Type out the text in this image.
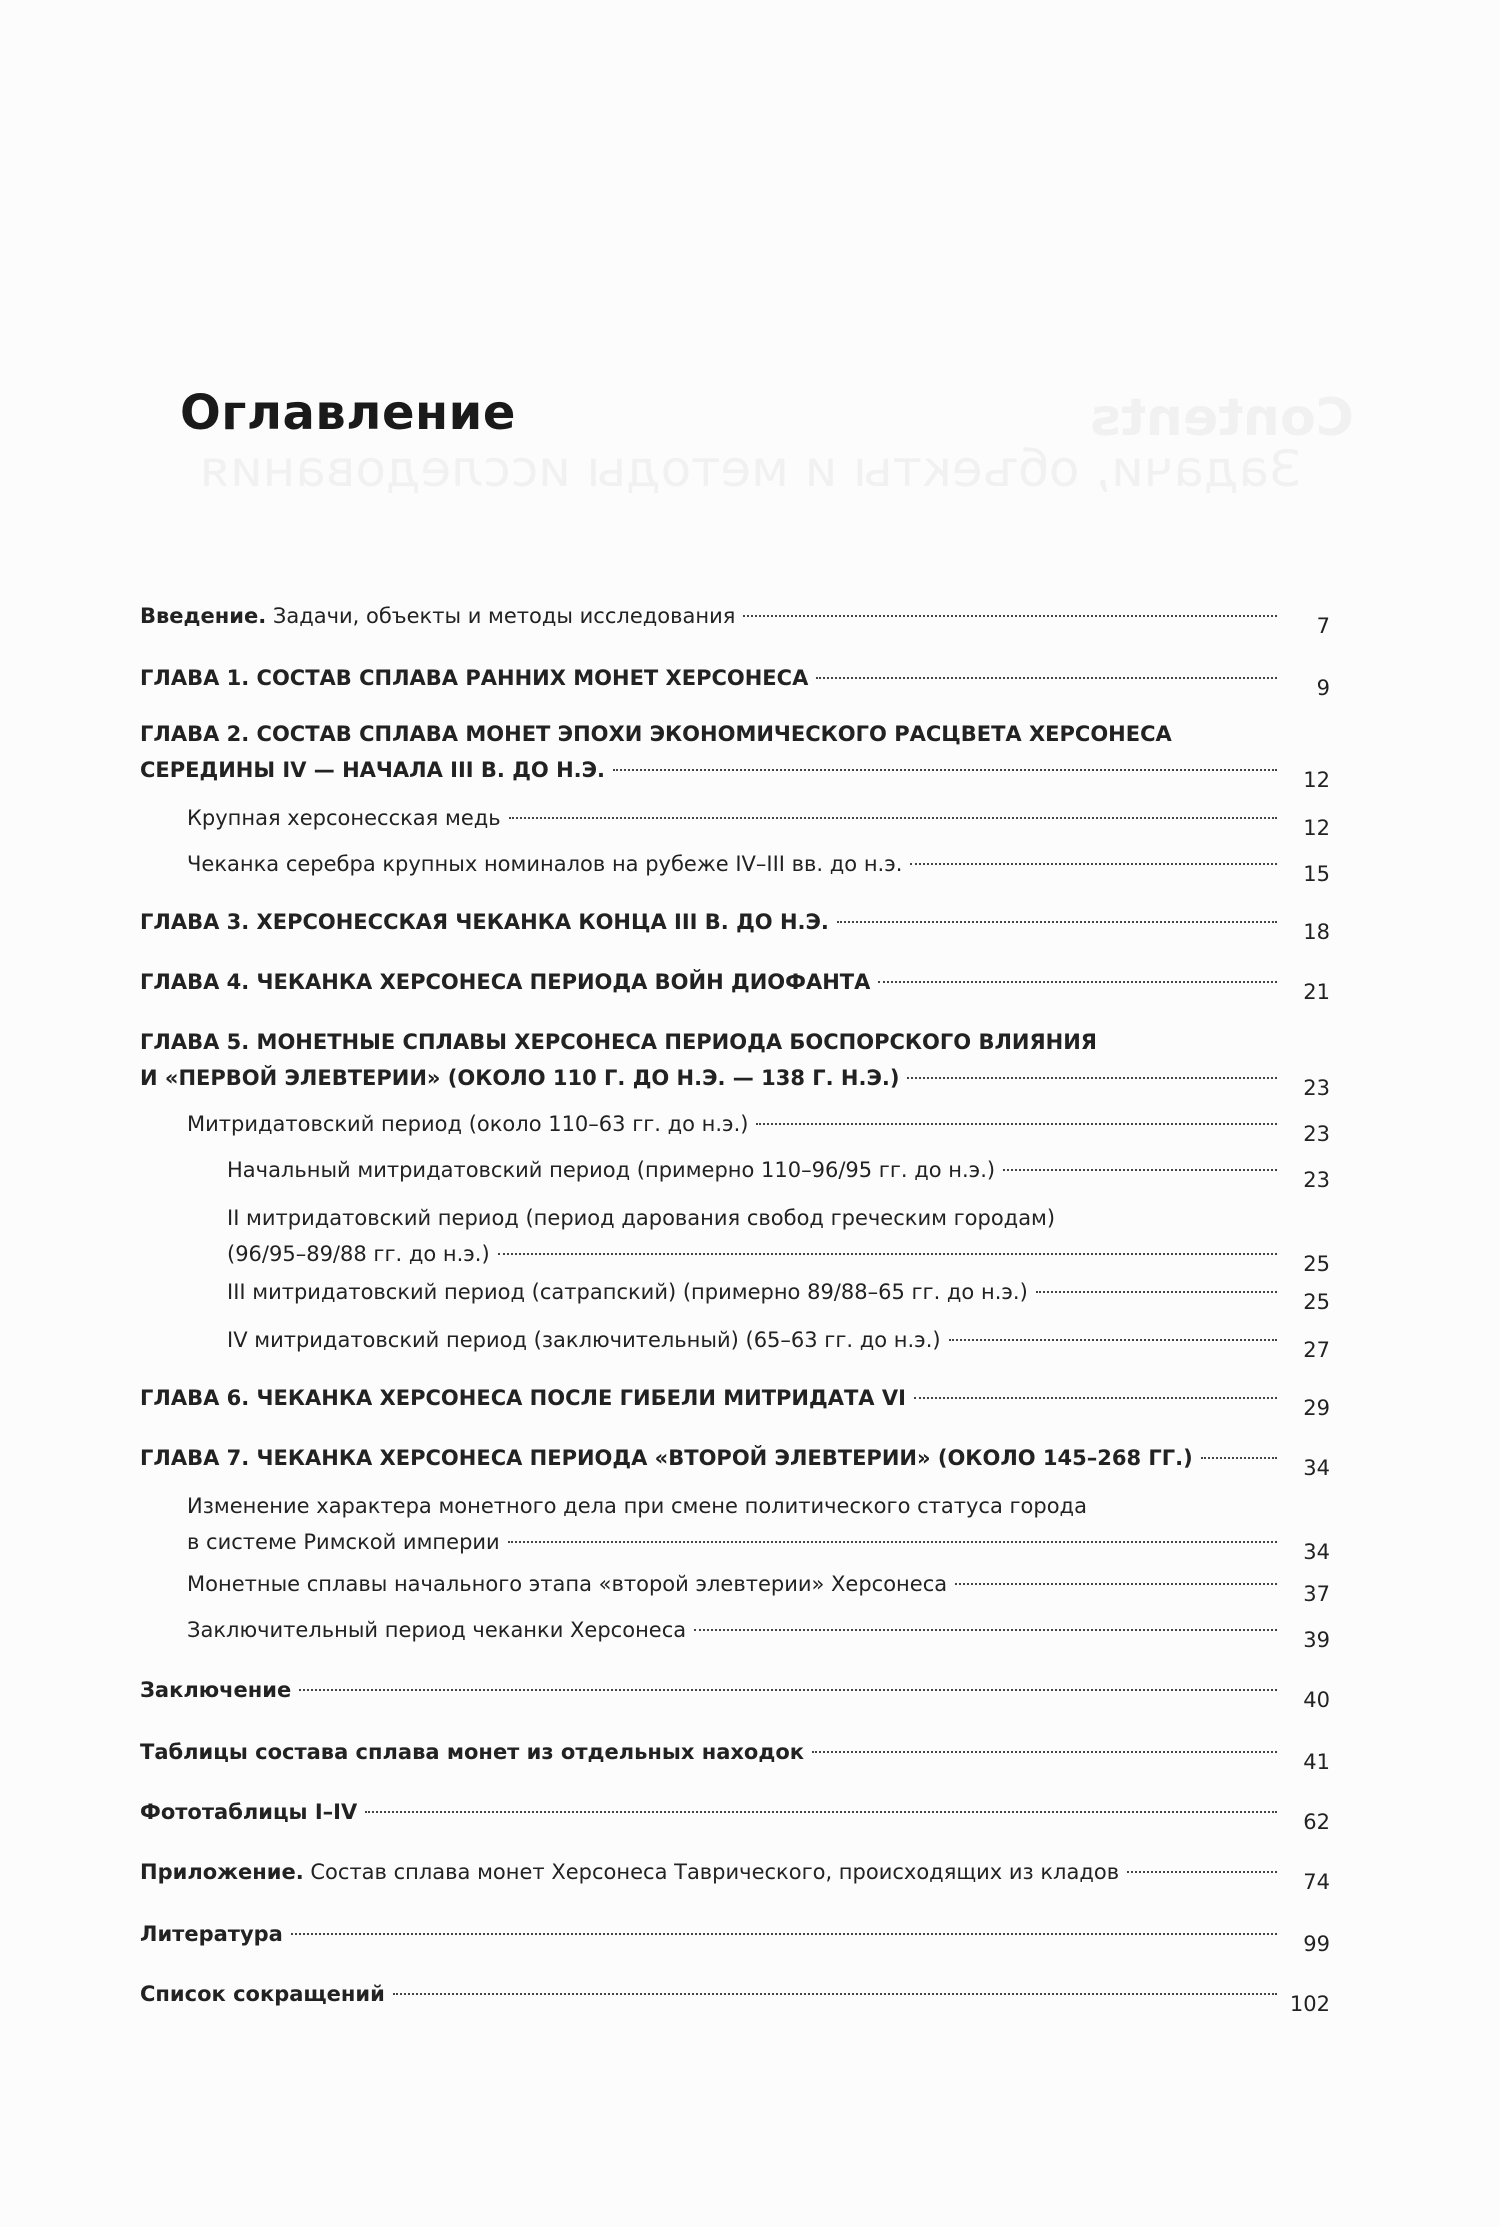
Contents
Задачи, объекты и методы исследования
Оглавление
Введение. Задачи, объекты и методы исследования	7
ГЛАВА 1. СОСТАВ СПЛАВА РАННИХ МОНЕТ ХЕРСОНЕСА	9
ГЛАВА 2. СОСТАВ СПЛАВА МОНЕТ ЭПОХИ ЭКОНОМИЧЕСКОГО РАСЦВЕТА ХЕРСОНЕСА
СЕРЕДИНЫ IV — НАЧАЛА III В. ДО Н.Э.	12
Крупная херсонесская медь	12
Чеканка серебра крупных номиналов на рубеже IV–III вв. до н.э.	15
ГЛАВА 3. ХЕРСОНЕССКАЯ ЧЕКАНКА КОНЦА III В. ДО Н.Э.	18
ГЛАВА 4. ЧЕКАНКА ХЕРСОНЕСА ПЕРИОДА ВОЙН ДИОФАНТА	21
ГЛАВА 5. МОНЕТНЫЕ СПЛАВЫ ХЕРСОНЕСА ПЕРИОДА БОСПОРСКОГО ВЛИЯНИЯ
И «ПЕРВОЙ ЭЛЕВТЕРИИ» (ОКОЛО 110 Г. ДО Н.Э. — 138 Г. Н.Э.)	23
Митридатовский период (около 110–63 гг. до н.э.)	23
Начальный митридатовский период (примерно 110–96/95 гг. до н.э.)	23
II митридатовский период (период дарования свобод греческим городам)
(96/95–89/88 гг. до н.э.)	25
III митридатовский период (сатрапский) (примерно 89/88–65 гг. до н.э.)	25
IV митридатовский период (заключительный) (65–63 гг. до н.э.)	27
ГЛАВА 6. ЧЕКАНКА ХЕРСОНЕСА ПОСЛЕ ГИБЕЛИ МИТРИДАТА VI	29
ГЛАВА 7. ЧЕКАНКА ХЕРСОНЕСА ПЕРИОДА «ВТОРОЙ ЭЛЕВТЕРИИ» (ОКОЛО 145–268 ГГ.)	34
Изменение характера монетного дела при смене политического статуса города
в системе Римской империи	34
Монетные сплавы начального этапа «второй элевтерии» Херсонеса	37
Заключительный период чеканки Херсонеса	39
Заключение	40
Таблицы состава сплава монет из отдельных находок	41
Фототаблицы I–IV	62
Приложение. Состав сплава монет Херсонеса Таврического, происходящих из кладов	74
Литература	99
Список сокращений	102
